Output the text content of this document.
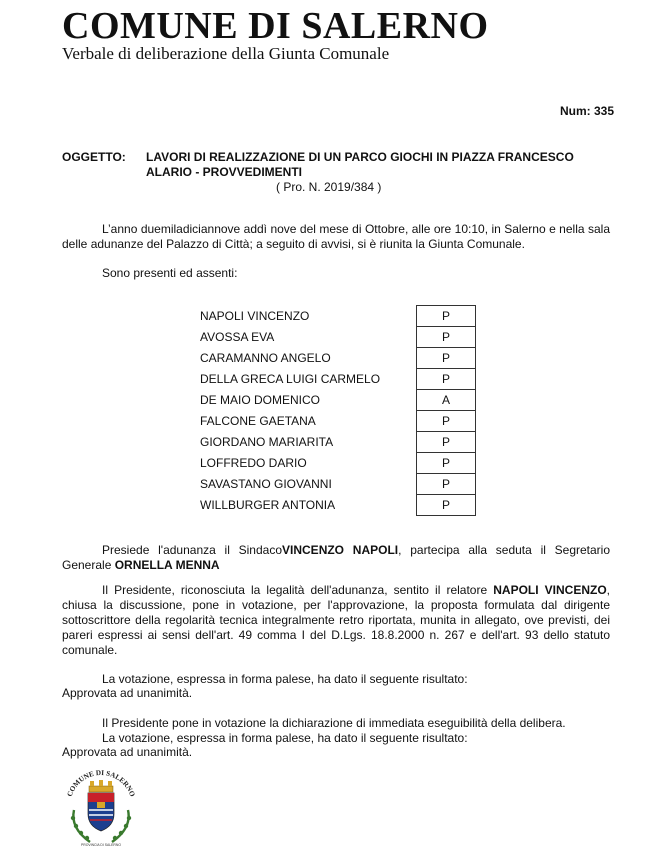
COMUNE DI SALERNO
Verbale di deliberazione della Giunta Comunale
Num: 335
OGGETTO: LAVORI DI REALIZZAZIONE DI UN PARCO GIOCHI IN PIAZZA FRANCESCO ALARIO - PROVVEDIMENTI
( Pro. N. 2019/384 )
L’anno duemiladiciannove addì nove del mese di Ottobre, alle ore 10:10, in Salerno e nella sala delle adunanze del Palazzo di Città; a seguito di avvisi, si è riunita la Giunta Comunale.
Sono presenti ed assenti:
NAPOLI VINCENZO	P
AVOSSA EVA	P
CARAMANNO ANGELO	P
DELLA GRECA LUIGI CARMELO	P
DE MAIO DOMENICO	A
FALCONE GAETANA	P
GIORDANO MARIARITA	P
LOFFREDO DARIO	P
SAVASTANO GIOVANNI	P
WILLBURGER ANTONIA	P
Presiede l'adunanza il SindacoVINCENZO NAPOLI, partecipa alla seduta il Segretario Generale ORNELLA MENNA
Il Presidente, riconosciuta la legalità dell'adunanza, sentito il relatore NAPOLI VINCENZO, chiusa la discussione, pone in votazione, per l'approvazione, la proposta formulata dal dirigente sottoscrittore della regolarità tecnica integralmente retro riportata, munita in allegato, ove previsti, dei pareri espressi ai sensi dell'art. 49 comma I del D.Lgs. 18.8.2000 n. 267 e dell'art. 93 dello statuto comunale.
La votazione, espressa in forma palese, ha dato il seguente risultato:
Approvata ad unanimità.
Il Presidente pone in votazione la dichiarazione di immediata eseguibilità della delibera.
La votazione, espressa in forma palese, ha dato il seguente risultato:
Approvata ad unanimità.
COMUNE DI SALERNO
PROVINCIA DI SALERNO
